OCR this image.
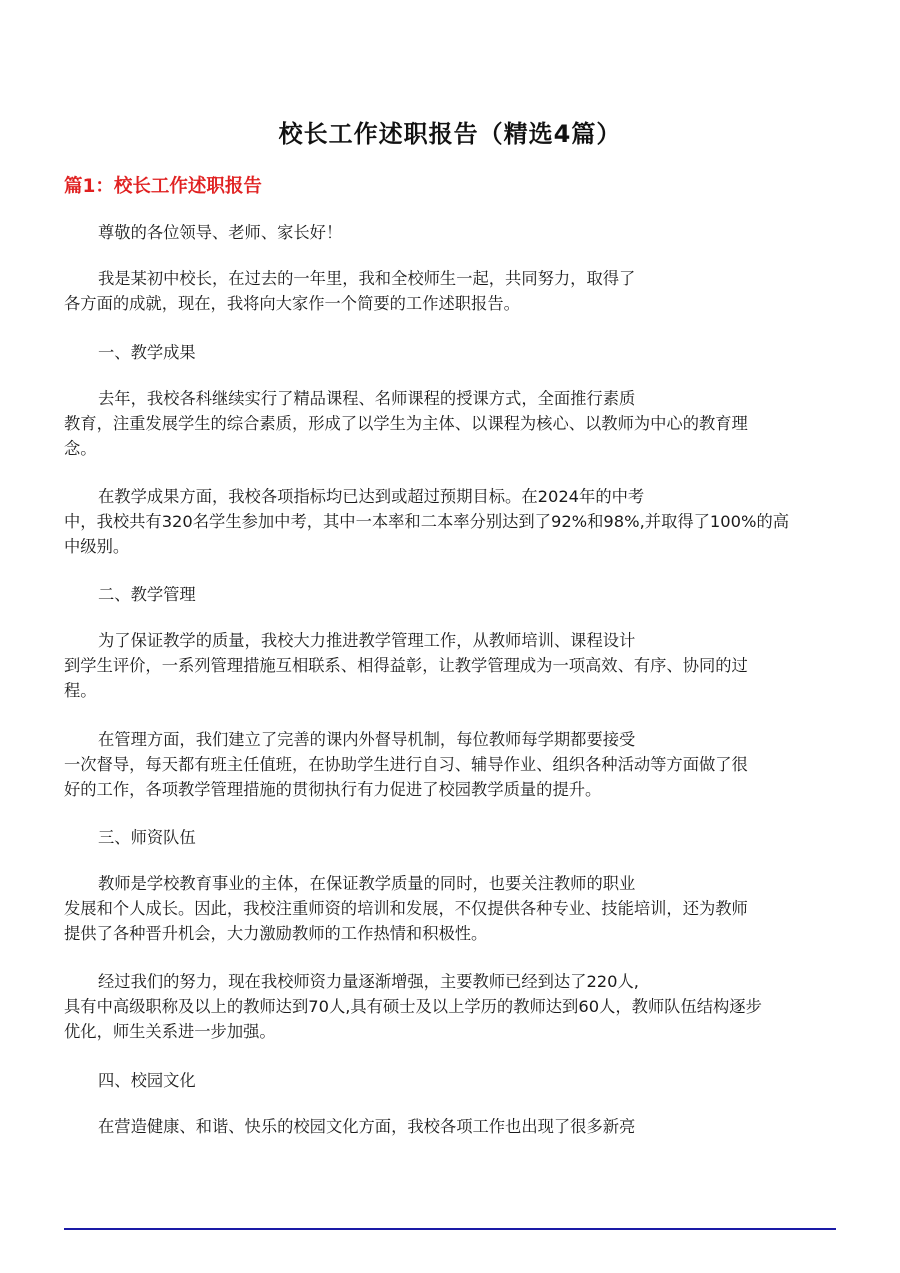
校长工作述职报告（精选4篇）
篇1：校长工作述职报告

尊敬的各位领导、老师、家长好！

我是某初中校长，在过去的一年里，我和全校师生一起，共同努力，取得了
各方面的成就，现在，我将向大家作一个简要的工作述职报告。

一、教学成果

去年，我校各科继续实行了精品课程、名师课程的授课方式，全面推行素质
教育，注重发展学生的综合素质，形成了以学生为主体、以课程为核心、以教师为中心的教育理
念。

在教学成果方面，我校各项指标均已达到或超过预期目标。在2024年的中考
中，我校共有320名学生参加中考，其中一本率和二本率分别达到了92%和98%,并取得了100%的高
中级别。

二、教学管理

为了保证教学的质量，我校大力推进教学管理工作，从教师培训、课程设计
到学生评价，一系列管理措施互相联系、相得益彰，让教学管理成为一项高效、有序、协同的过
程。

在管理方面，我们建立了完善的课内外督导机制，每位教师每学期都要接受
一次督导，每天都有班主任值班，在协助学生进行自习、辅导作业、组织各种活动等方面做了很
好的工作，各项教学管理措施的贯彻执行有力促进了校园教学质量的提升。

三、师资队伍

教师是学校教育事业的主体，在保证教学质量的同时，也要关注教师的职业
发展和个人成长。因此，我校注重师资的培训和发展，不仅提供各种专业、技能培训，还为教师
提供了各种晋升机会，大力激励教师的工作热情和积极性。

经过我们的努力，现在我校师资力量逐渐增强，主要教师已经到达了220人,
具有中高级职称及以上的教师达到70人,具有硕士及以上学历的教师达到60人，教师队伍结构逐步
优化，师生关系进一步加强。

四、校园文化

在营造健康、和谐、快乐的校园文化方面，我校各项工作也出现了很多新亮
